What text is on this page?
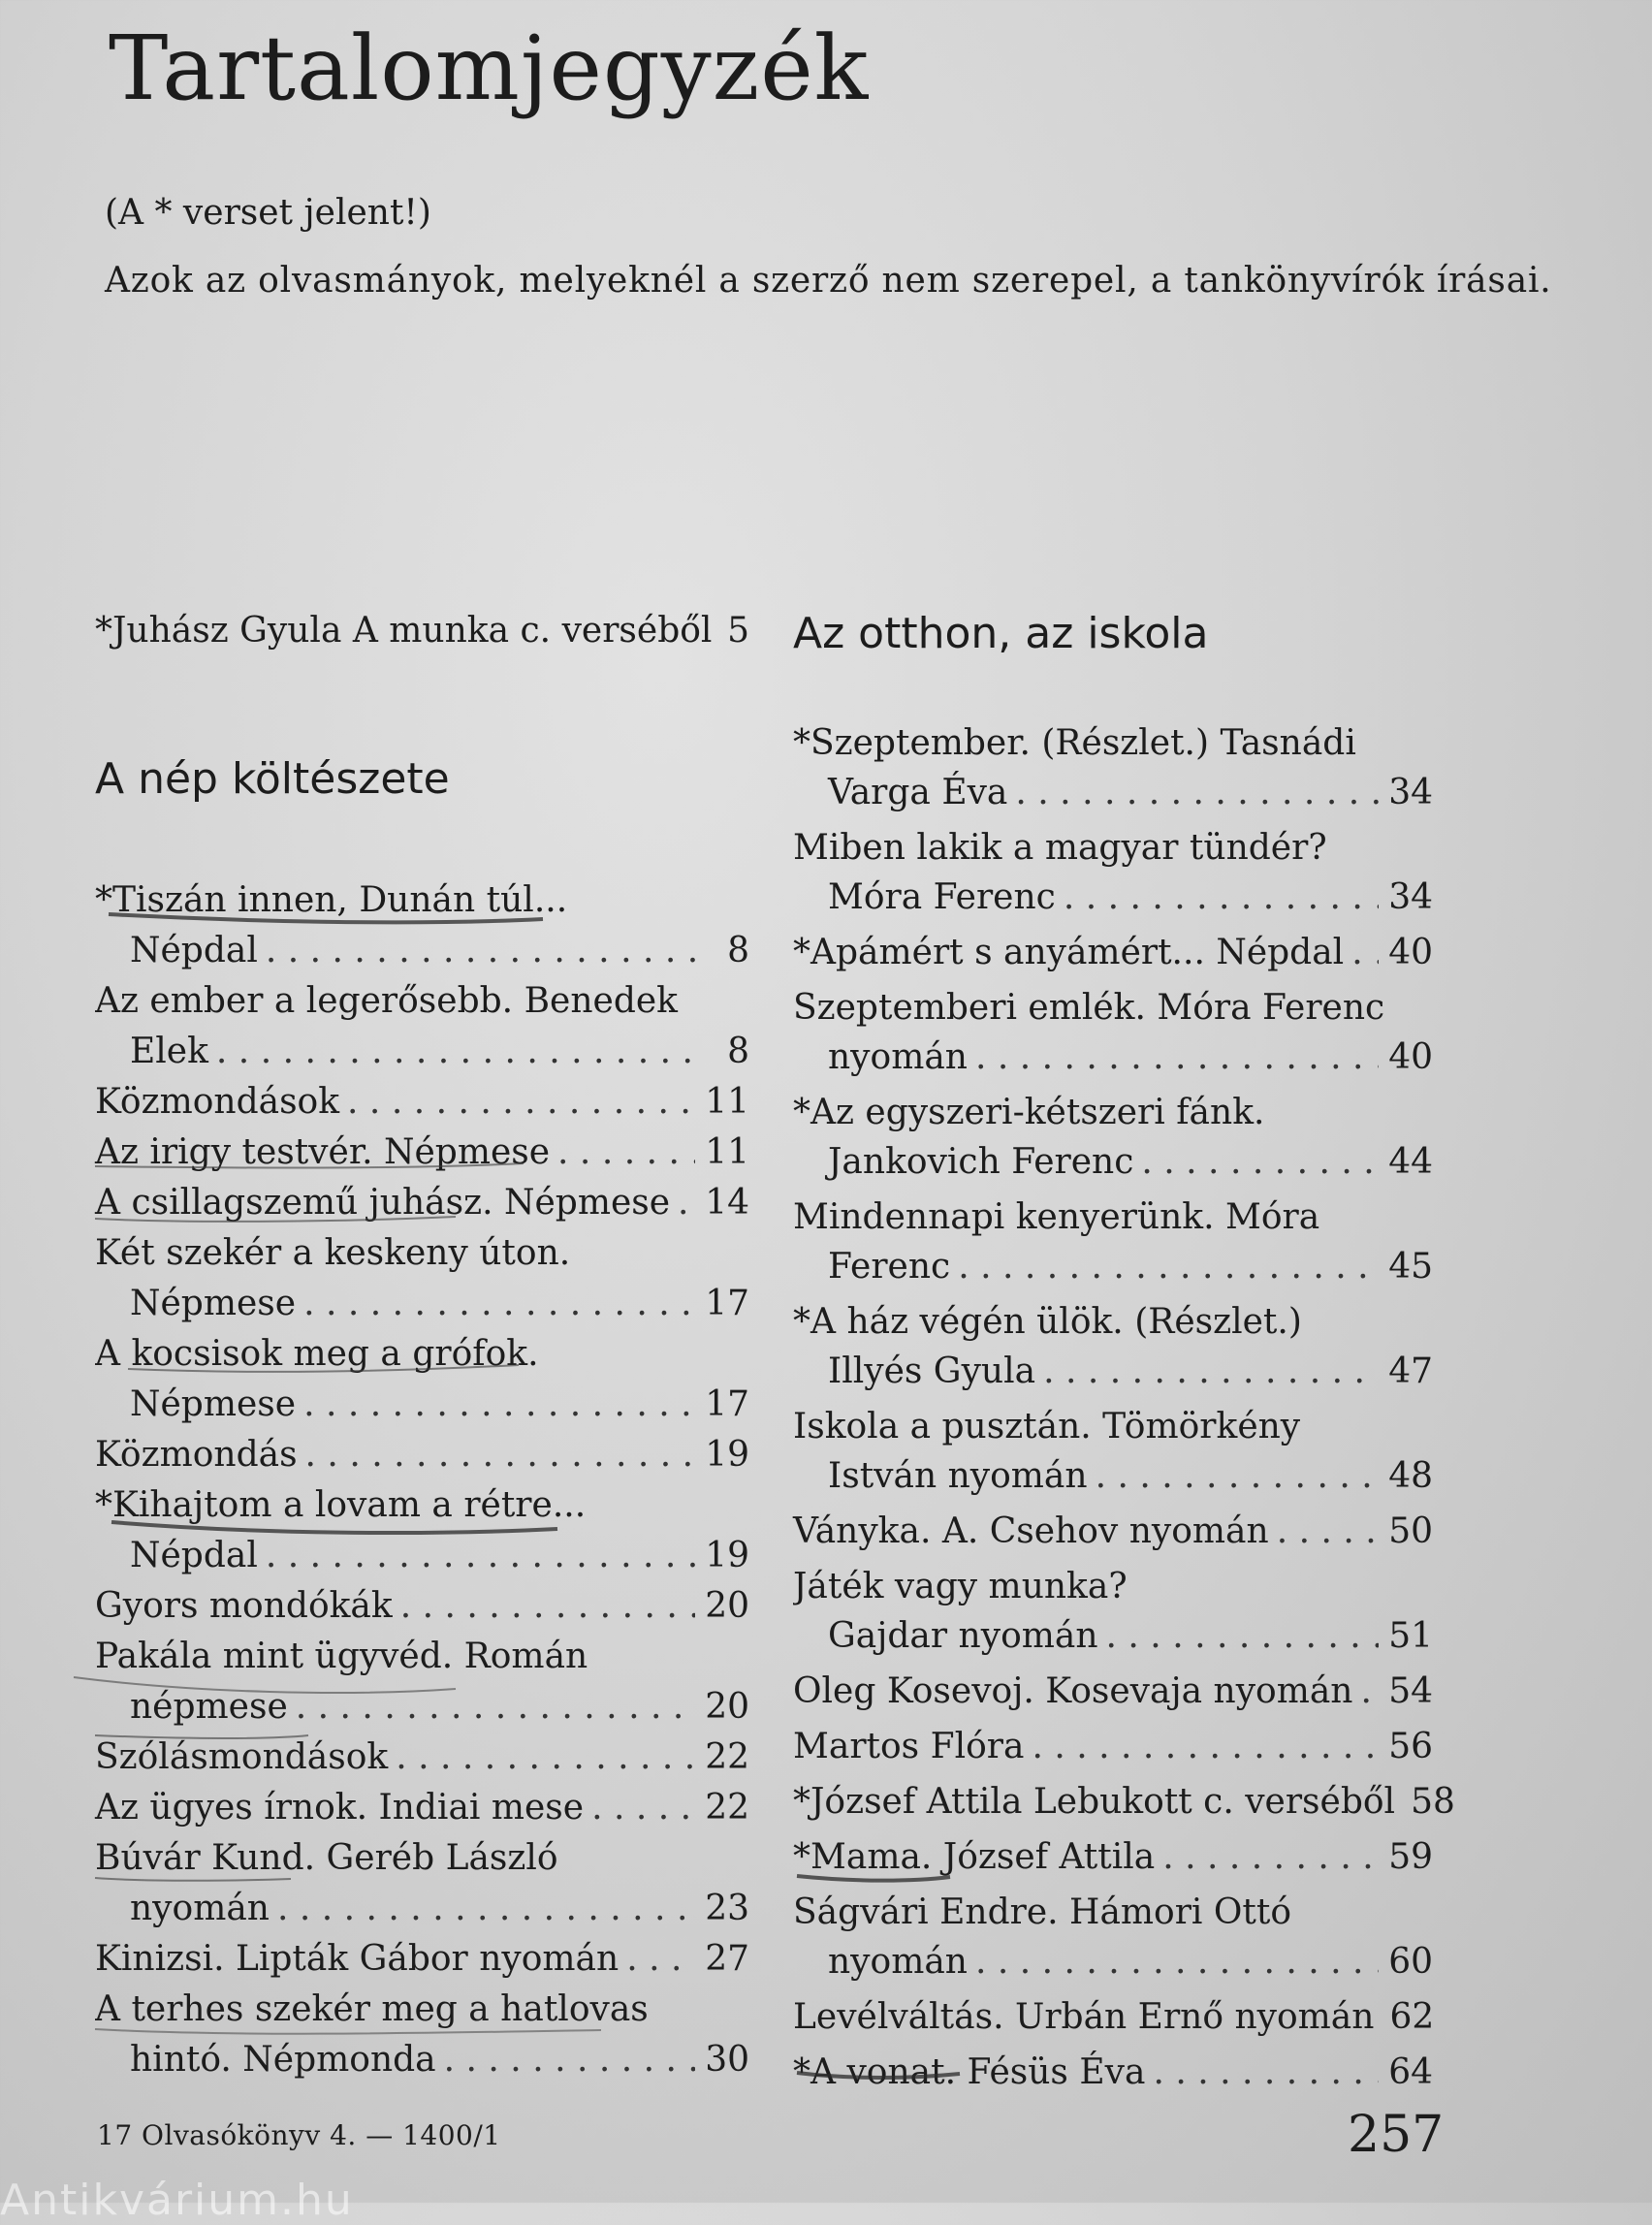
Tartalomjegyzék

(A * verset jelent!)

Azok az olvasmányok, melyeknél a szerző nem szerepel, a tankönyvírók írásai.

*Juhász Gyula A munka c. verséből 5
A nép költészete
*Tiszán innen, Dunán túl...
Népdal . . .	8
Az ember a legerősebb. Benedek
Elek . . .	8
Közmondások . . .	11
Az irigy testvér. Népmese . . .	11
A csillagszemű juhász. Népmese . . . 14
Két szekér a keskeny úton.
Népmese . . .	17
A kocsisok meg a grófok.
Népmese . . .	17
Közmondás . . .	19
*Kihajtom a lovam a rétre...
Népdal . . .	19
Gyors mondókák . . .	20
Pakála mint ügyvéd. Román
népmese . . .	20
Szólásmondások . . .	22
Az ügyes írnok. Indiai mese . . .	22
Búvár Kund. Geréb László
nyomán . . .	23
Kinizsi. Lipták Gábor nyomán . . . 27
A terhes szekér meg a hatlovas
hintó. Népmonda . . .	30
Az otthon, az iskola
*Szeptember. (Részlet.) Tasnádi
Varga Éva . . .	34
Miben lakik a magyar tündér?
Móra Ferenc . . .	34
*Apámért s anyámért... Népdal . . . 40
Szeptemberi emlék. Móra Ferenc
nyomán . . .	40
*Az egyszeri-kétszeri fánk.
Jankovich Ferenc . . .	44
Mindennapi kenyerünk. Móra
Ferenc . . .	45
*A ház végén ülök. (Részlet.)
Illyés Gyula . . .	47
Iskola a pusztán. Tömörkény
István nyomán . . .	48
Ványka. A. Csehov nyomán . . .	50
Játék vagy munka?
Gajdar nyomán . . .	51
Oleg Kosevoj. Kosevaja nyomán . . . 54
Martos Flóra . . .	56
*József Attila Lebukott c. verséből 58
*Mama. József Attila . . .	59
Ságvári Endre. Hámori Ottó
nyomán . . .	60
Levélváltás. Urbán Ernő nyomán 62
*A vonat. Fésüs Éva . . .	64
17 Olvasókönyv 4. — 1400/1	257
Antikvárium.hu
